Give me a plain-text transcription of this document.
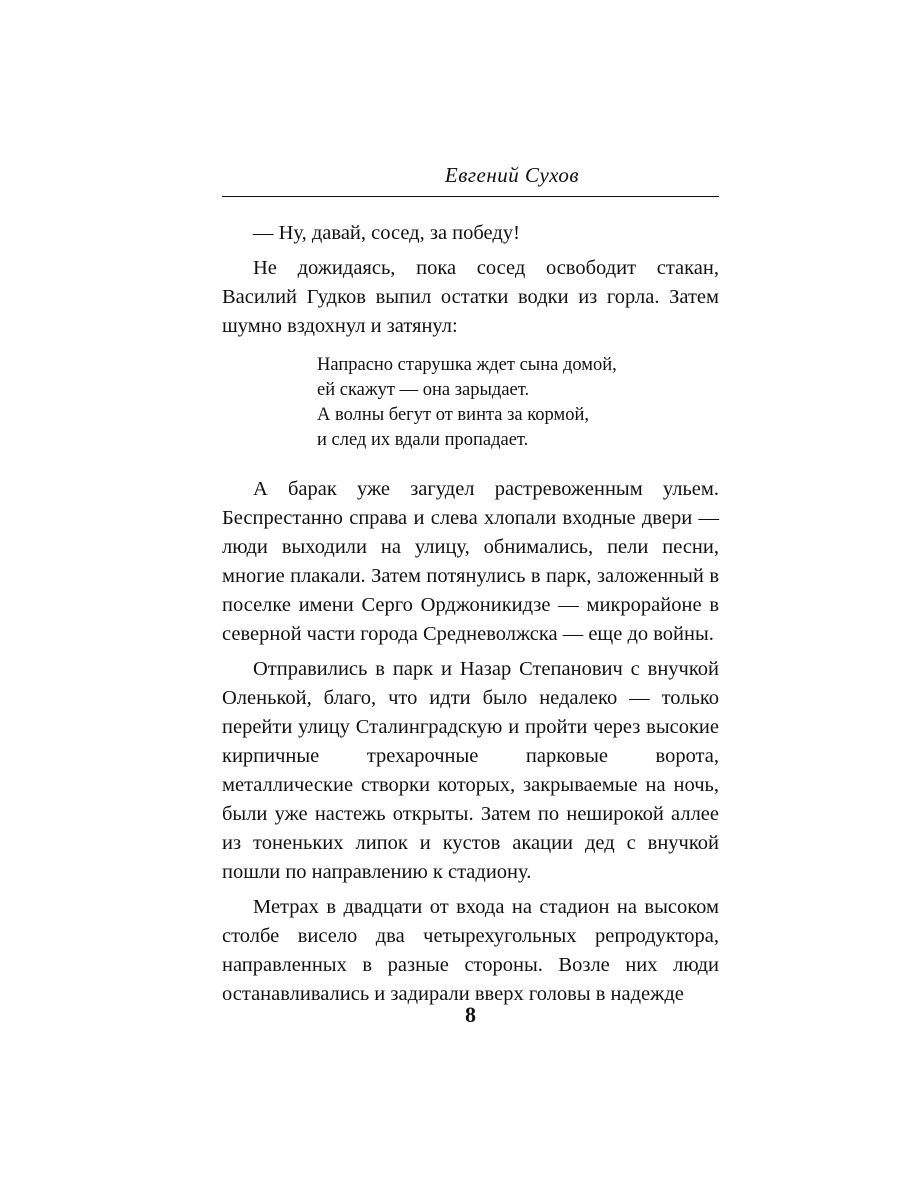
Евгений Сухов

— Ну, давай, сосед, за победу!

Не дожидаясь, пока сосед освободит стакан, Василий Гудков выпил остатки водки из горла. Затем шумно вздохнул и затянул:

Напрасно старушка ждет сына домой,
ей скажут — она зарыдает.
А волны бегут от винта за кормой,
и след их вдали пропадает.

А барак уже загудел растревоженным ульем. Беспрестанно справа и слева хлопали входные двери — люди выходили на улицу, обнимались, пели песни, многие плакали. Затем потянулись в парк, заложенный в поселке имени Серго Орджоникидзе — микрорайоне в северной части города Средневолжска — еще до войны.

Отправились в парк и Назар Степанович с внучкой Оленькой, благо, что идти было недалеко — только перейти улицу Сталинградскую и пройти через высокие кирпичные трехарочные парковые ворота, металлические створки которых, закрываемые на ночь, были уже настежь открыты. Затем по неширокой аллее из тоненьких липок и кустов акации дед с внучкой пошли по направлению к стадиону.

Метрах в двадцати от входа на стадион на высоком столбе висело два четырехугольных репродуктора, направленных в разные стороны. Возле них люди останавливались и задирали вверх головы в надежде

8
